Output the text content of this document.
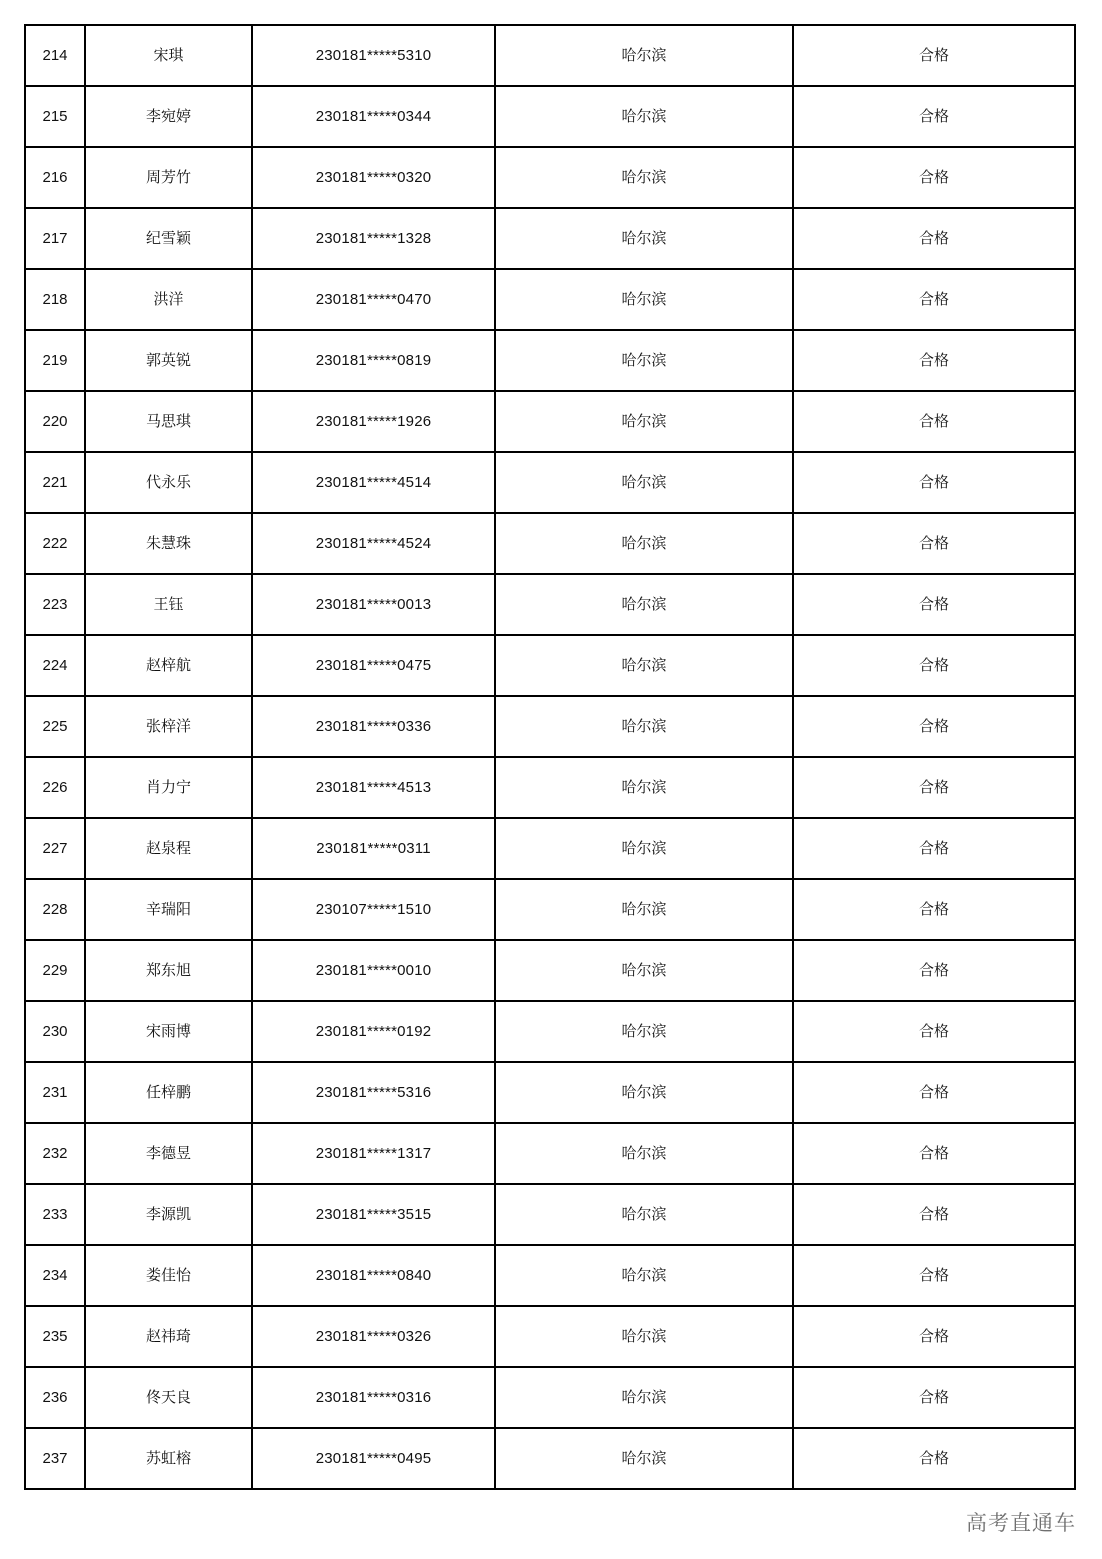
214	宋琪	230181*****5310	哈尔滨	合格
215	李宛婷	230181*****0344	哈尔滨	合格
216	周芳竹	230181*****0320	哈尔滨	合格
217	纪雪颖	230181*****1328	哈尔滨	合格
218	洪洋	230181*****0470	哈尔滨	合格
219	郭英锐	230181*****0819	哈尔滨	合格
220	马思琪	230181*****1926	哈尔滨	合格
221	代永乐	230181*****4514	哈尔滨	合格
222	朱慧珠	230181*****4524	哈尔滨	合格
223	王钰	230181*****0013	哈尔滨	合格
224	赵梓航	230181*****0475	哈尔滨	合格
225	张梓洋	230181*****0336	哈尔滨	合格
226	肖力宁	230181*****4513	哈尔滨	合格
227	赵泉程	230181*****0311	哈尔滨	合格
228	辛瑞阳	230107*****1510	哈尔滨	合格
229	郑东旭	230181*****0010	哈尔滨	合格
230	宋雨博	230181*****0192	哈尔滨	合格
231	任梓鹏	230181*****5316	哈尔滨	合格
232	李德昱	230181*****1317	哈尔滨	合格
233	李源凯	230181*****3515	哈尔滨	合格
234	娄佳怡	230181*****0840	哈尔滨	合格
235	赵祎琦	230181*****0326	哈尔滨	合格
236	佟天良	230181*****0316	哈尔滨	合格
237	苏虹榕	230181*****0495	哈尔滨	合格
高考直通车
